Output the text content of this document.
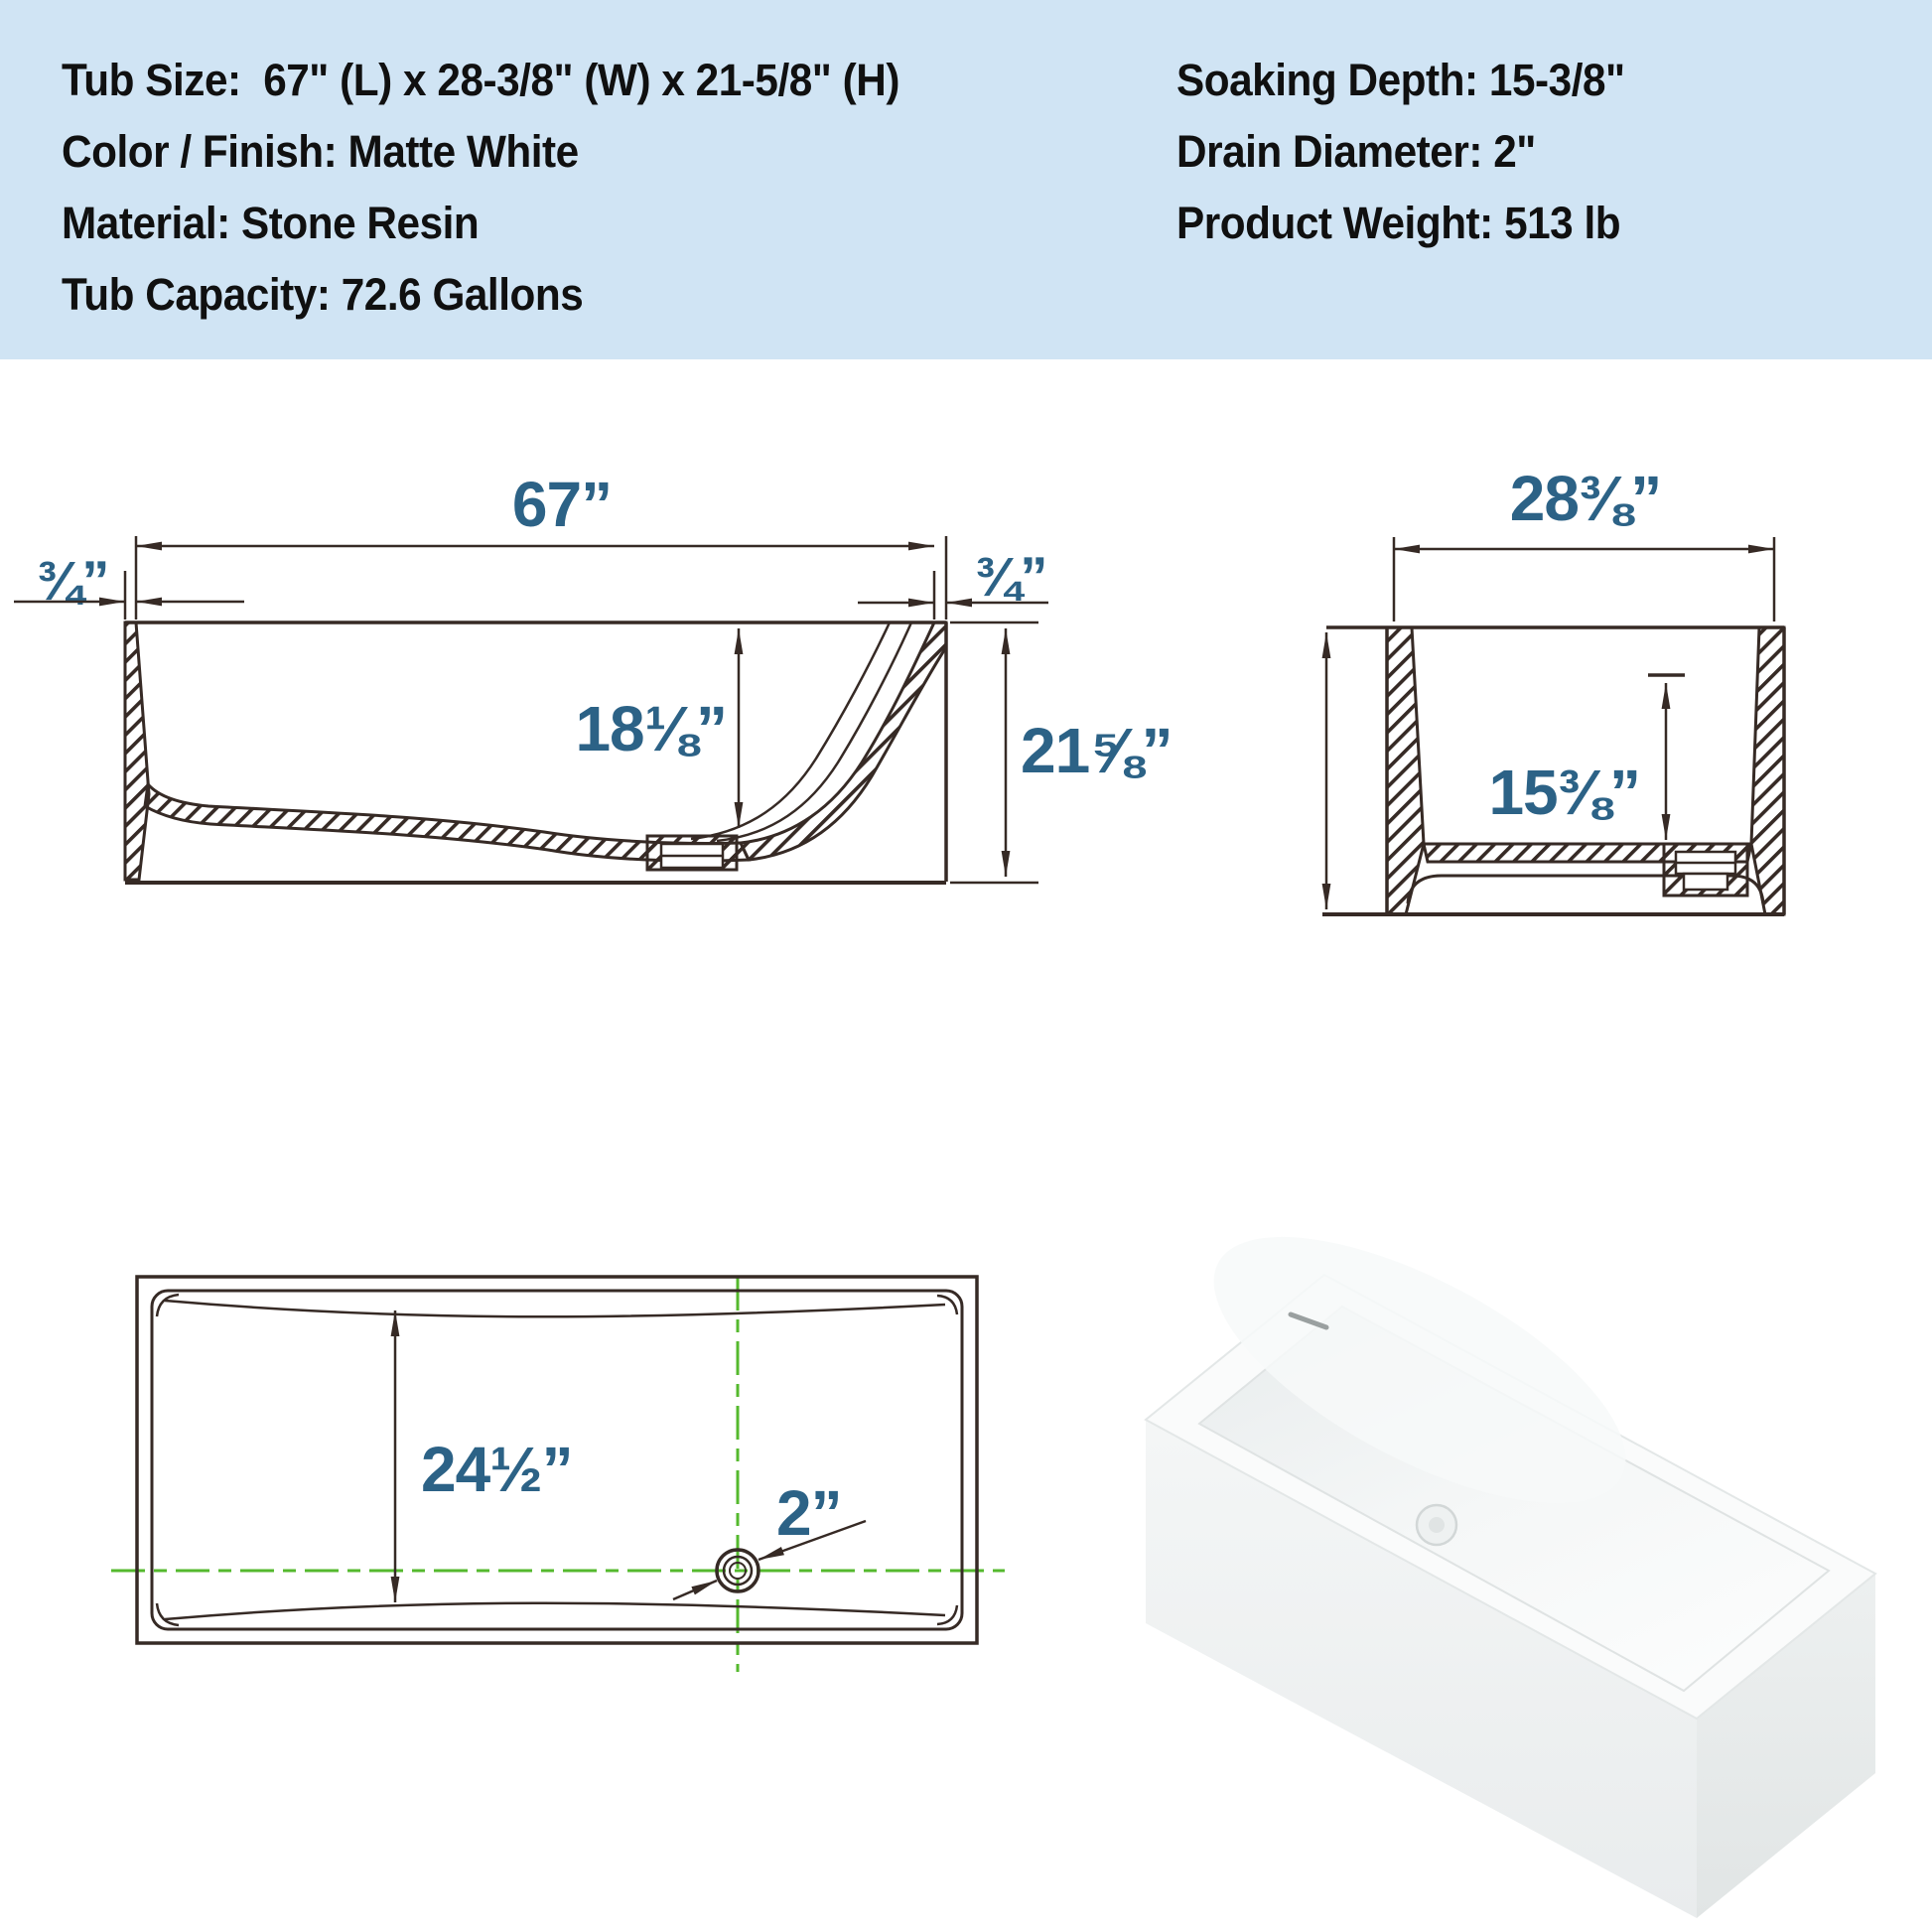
Tub Size:  67" (L) x 28-3/8" (W) x 21-5/8" (H)
Color / Finish: Matte White
Material: Stone Resin
Tub Capacity: 72.6 Gallons
Soaking Depth: 15-3/8"
Drain Diameter: 2"
Product Weight: 513 lb
67”
¾”	¾”
18⅛”	21⅝”
28⅜”
15⅜”
24½”
2”
